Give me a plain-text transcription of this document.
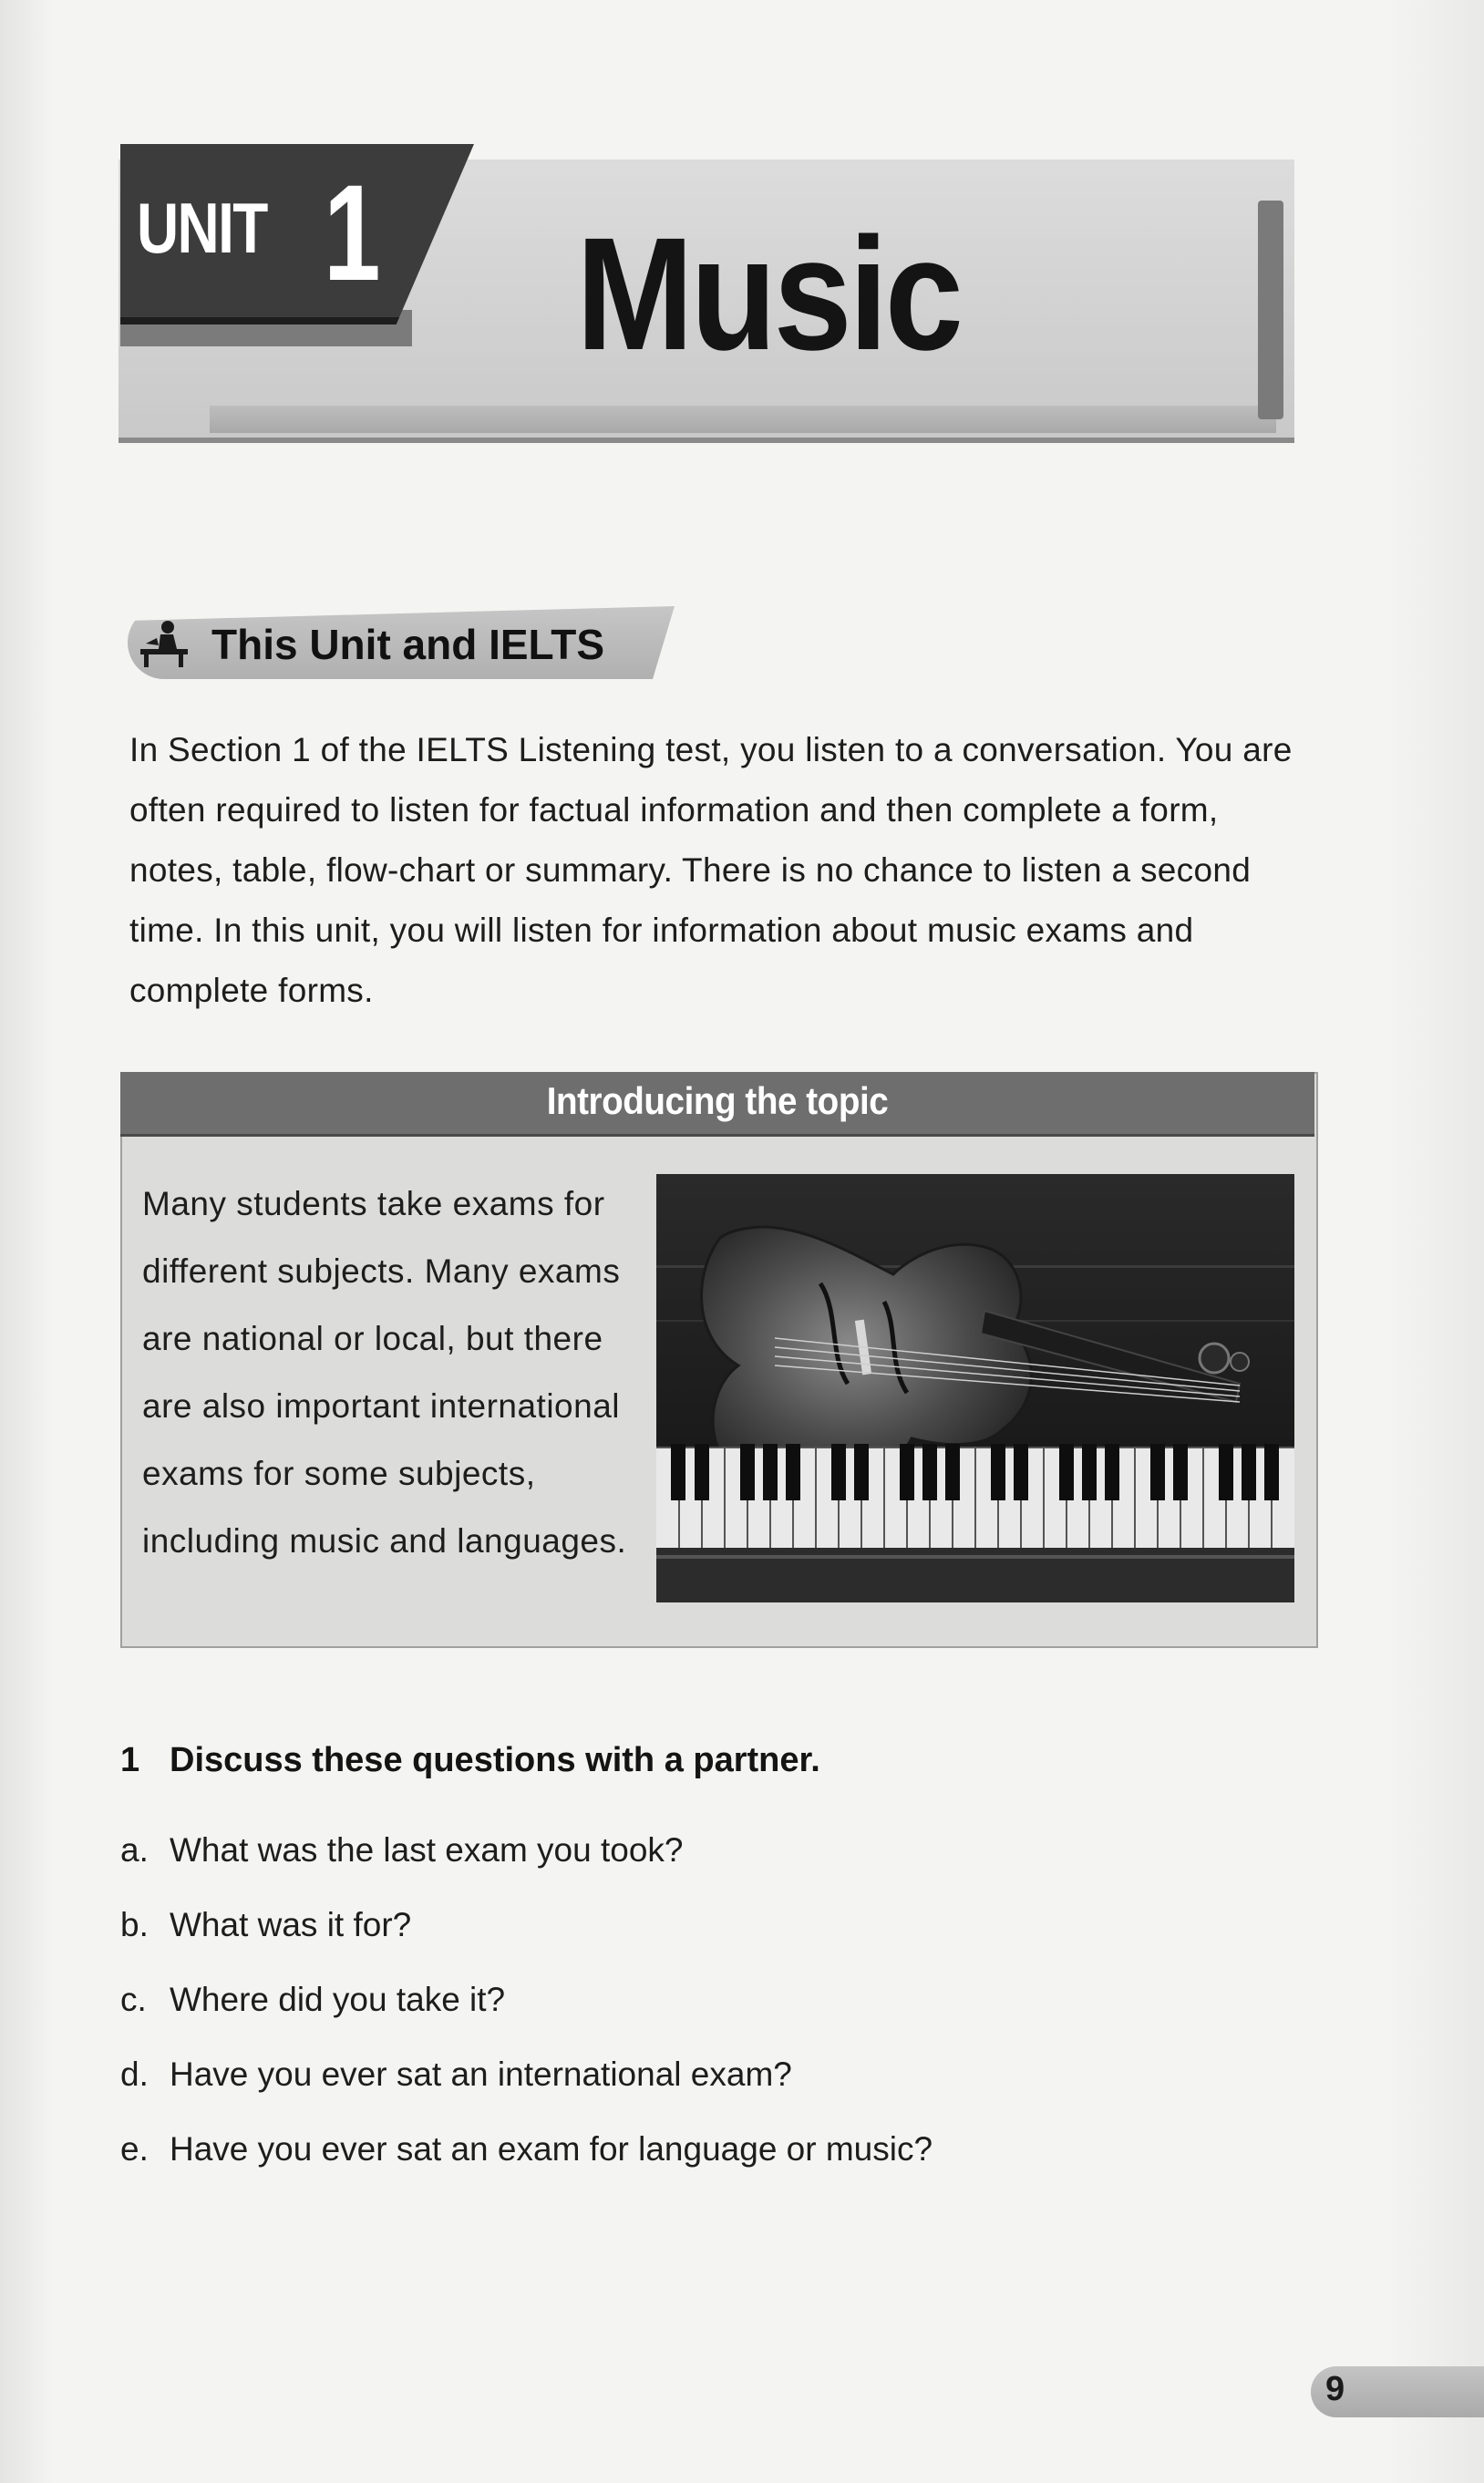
UNIT 1 Music
This Unit and IELTS
In Section 1 of the IELTS Listening test, you listen to a conversation. You are often required to listen for factual information and then complete a form, notes, table, flow-chart or summary. There is no chance to listen a second time. In this unit, you will listen for information about music exams and complete forms.
Introducing the topic
Many students take exams for different subjects. Many exams are national or local, but there are also important international exams for some subjects, including music and languages.
1 Discuss these questions with a partner.
a. What was the last exam you took?
b. What was it for?
c. Where did you take it?
d. Have you ever sat an international exam?
e. Have you ever sat an exam for language or music?
9
